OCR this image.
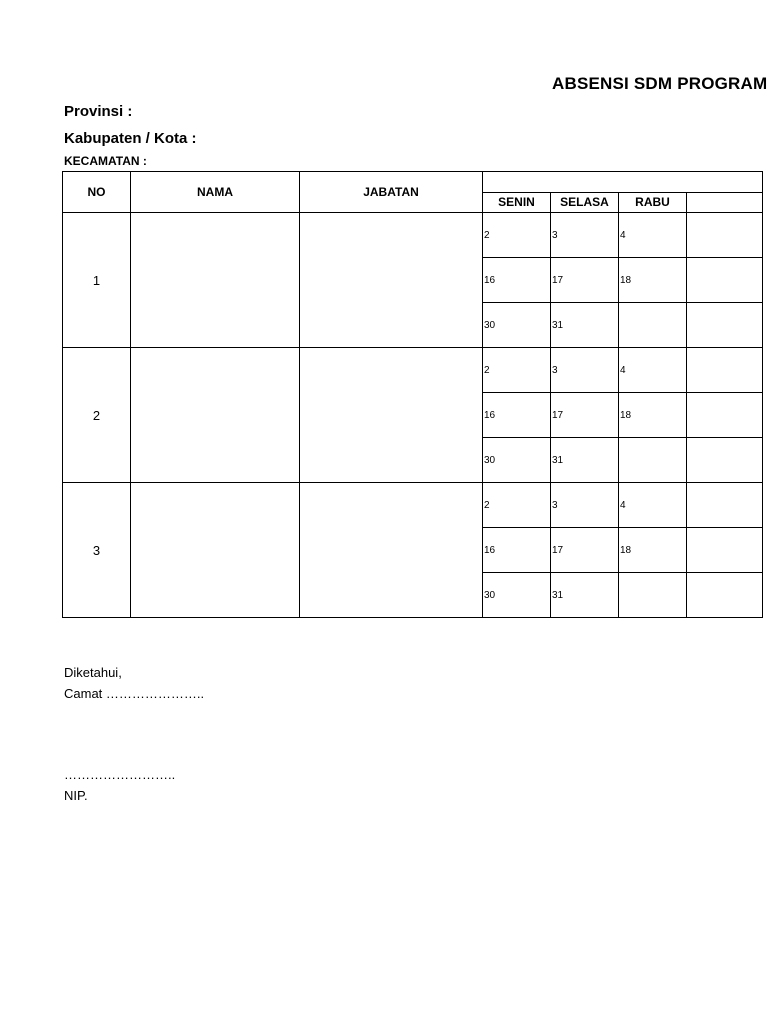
ABSENSI SDM PROGRAM
Provinsi :
Kabupaten / Kota :
KECAMATAN :
NO	NAMA	JABATAN				
			SENIN	SELASA	RABU	
1			2	3	4	
			16	17	18	
			30	31		
2			2	3	4	
			16	17	18	
			30	31		
3			2	3	4	
			16	17	18	
			30	31		
Diketahui,
Camat …………………..
……………………..
NIP.
